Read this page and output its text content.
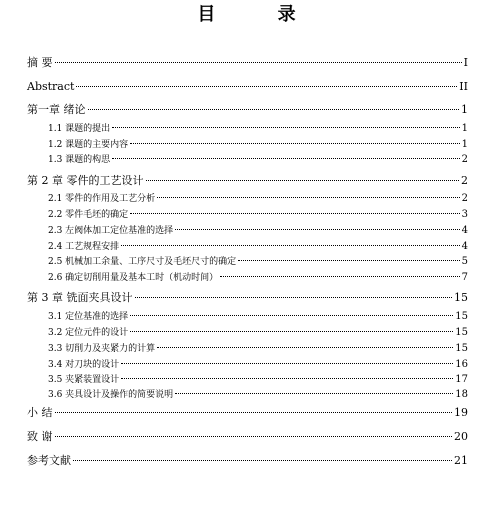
目 录
摘 要	I
Abstract	II
第一章 绪论	1
1.1 课题的提出	1
1.2 课题的主要内容	1
1.3 课题的构思	2
第 2 章 零件的工艺设计	2
2.1 零件的作用及工艺分析	2
2.2 零件毛坯的确定	3
2.3 左阀体加工定位基准的选择	4
2.4 工艺规程安排	4
2.5 机械加工余量、工序尺寸及毛坯尺寸的确定	5
2.6 确定切削用量及基本工时（机动时间）	7
第 3 章 铣面夹具设计	15
3.1 定位基准的选择	15
3.2 定位元件的设计	15
3.3 切削力及夹紧力的计算	15
3.4 对刀块的设计	16
3.5 夹紧装置设计	17
3.6 夹具设计及操作的简要说明	18
小 结	19
致 谢	20
参考文献	21
